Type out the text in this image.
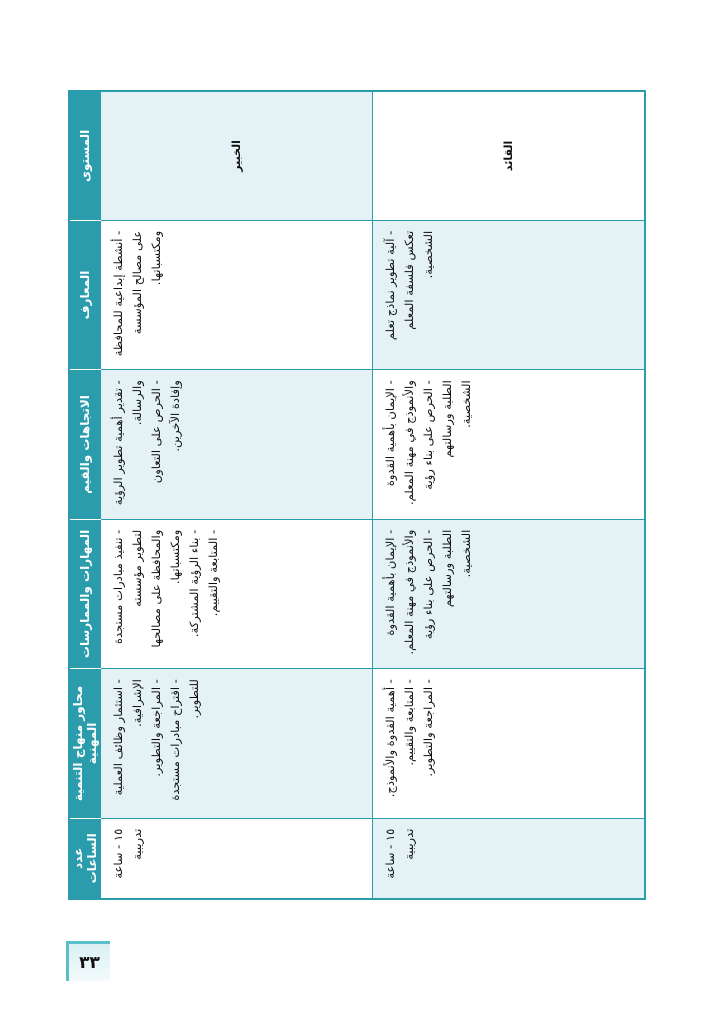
المستوى	المعارف	الاتجاهات والقيم	المهارات والممارسات	محاور منهاج التنمية المهنية	عدد الساعات
الخبير	- أنشطة إبداعية للمحافظة على مصالح المؤسسة ومكتسباتها.	- تقدير أهمية تطوير الرؤية والرسالة. - الحرص على التعاون وإفادة الآخرين.	- تنفيذ مبادرات مستجدة لتطوير مؤسسته والمحافظة على مصالحها ومكتسباتها. - بناء الرؤية المشتركة. - المتابعة والتقييم.	- استثمار وظائف العملية الإشرافية. - المراجعة والتطوير. - اقتراح مبادرات مستجدة للتطوير.	١٥ - ساعة تدريبية
القائد	- آلية تطوير نماذج تعلم تعكس فلسفة المعلم الشخصية.	- الإيمان بأهمية القدوة والأنموذج في مهنة المعلم. - الحرص على بناء رؤية الطلبة ورسالتهم الشخصية.	- الإيمان بأهمية القدوة والأنموذج في مهنة المعلم. - الحرص على بناء رؤية الطلبة ورسالتهم الشخصية.	- أهمية القدوة والأنموذج. - المتابعة والتقييم. - المراجعة والتطوير.	١٥ - ساعة تدريبية
٣٣
